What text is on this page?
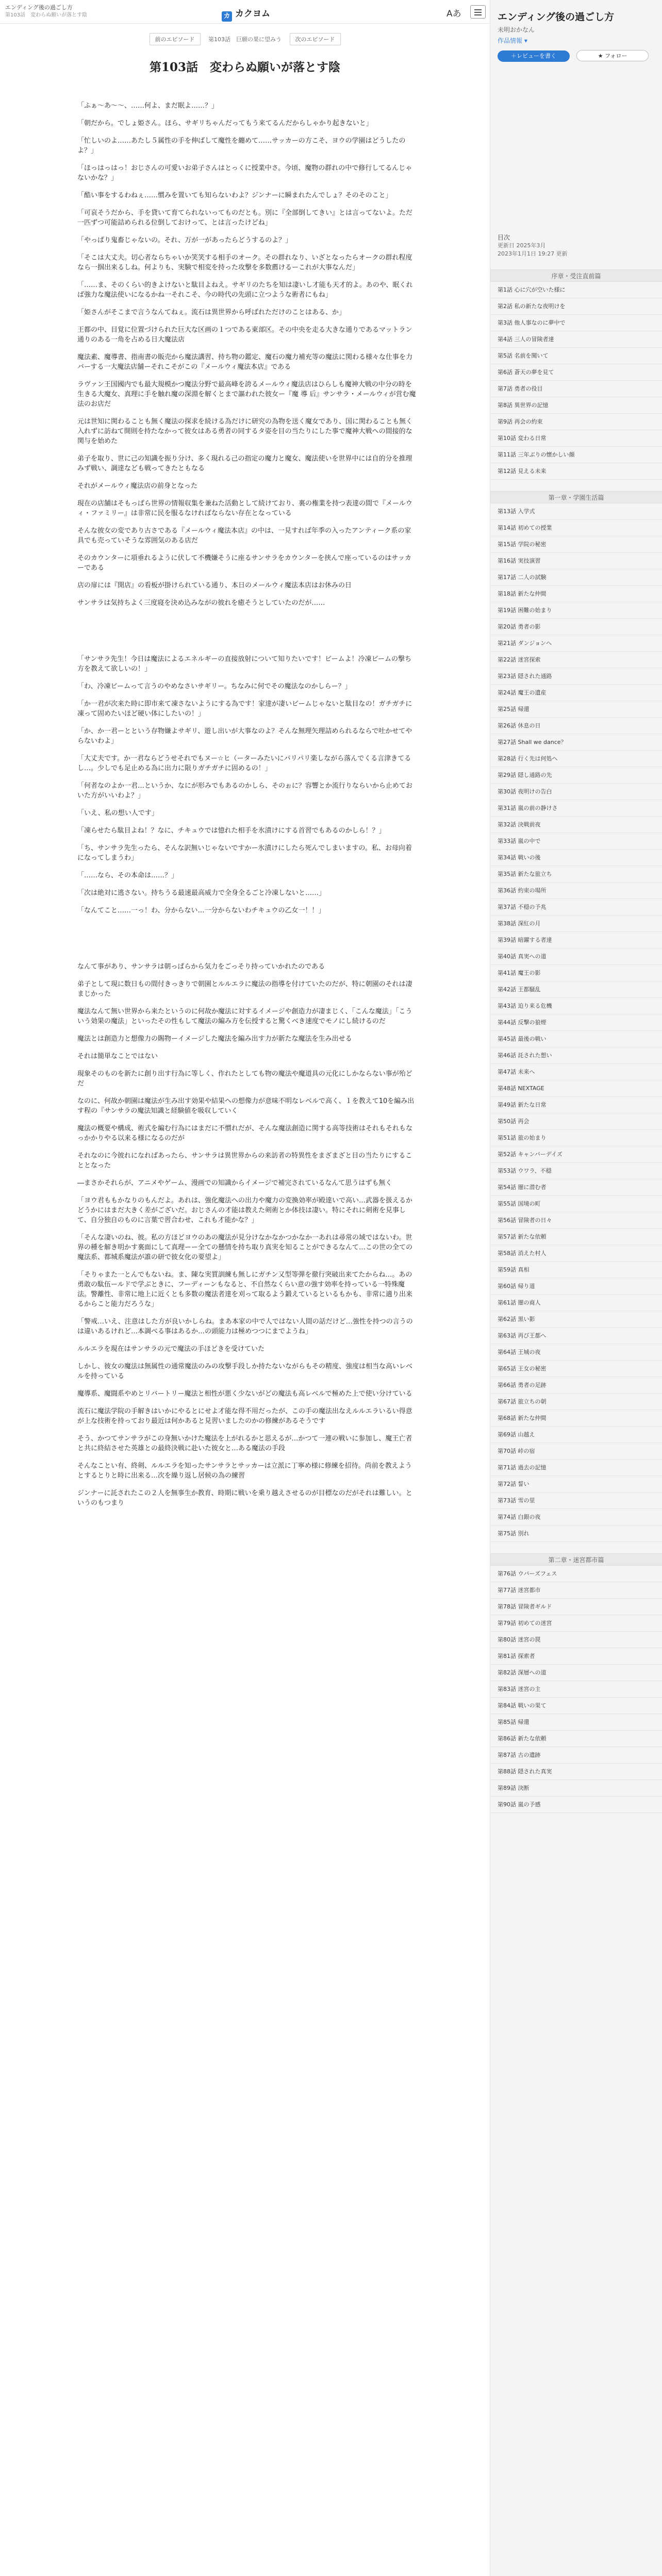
エンディング後の過ごし方
第103話　変わらぬ願いが落とす陰	カ カクヨム	Aあ
前のエピソード 第103話　巨願の果に望みう 次のエピソード
第103話　変わらぬ願いが落とす陰

「ふぁ～あ～～、……何よ、まだ眠よ……？」

「朝だから。でしょ姫さん。ほら、サギリちゃんだってもう来てるんだからしゃかり起きないと」

「忙しいのよ……あたし５属性の手を伸ばして魔性を纏めて……サッカーの方こそ、ヨウの学園はどうしたのよ？」

「ほっはっはっ！おじさんの可愛いお弟子さんはとっくに授業中さ。今頃、魔物の群れの中で修行してるんじゃないかな？」

「酷い事をするわねぇ……慣みを置いても知らないわよ？ジンナーに瞬まれたんでしょ？そのそのこと」

「可哀そうだから、手を貸いて育てられないってものだとも。別に『全部倒してきい』とは言ってないよ。ただ一匹ずつ可能詰められる位倒しておけって、とは言ったけどね」

「やっぱり鬼畜じゃないの。それ、万が一があったらどうするのよ？」

「そこは大丈夫。切心者ならちゃいか笑笑する相手のオーク。その群れなり、いざとなったらオークの群れ程度なら一掴出来るしね。何よりも、実験で相変を持った攻撃を多数薦けるーこれが大事なんだ」

「……ま、そのくらい的きよけないと駄目よねえ。サギリのたちを知は凄いし才能も天才的よ。あのや、眠くれば強力な魔法使いになるかね一それこそ、今の時代の先頭に立つような術者にもね」

「姫さんがそこまで言うなんてねぇ。流石は異世界から呼ばれただけのことはある、か」

王都の中、目覚に位置づけられた巨大な区画の１つである東部区。その中央を走る大きな通りであるマットラン通りのある一角を占める日大魔法店

魔法素、魔導書、指南書の販売から魔法講習、持ち物の鑑定、魔石の魔力補充等の魔法に関わる様々な仕事を力バーする一大魔法店舗ーそれこそがこの『メールウィ魔法本店』である

ラヴァン王国國内でも最大規模かつ魔法分野で最高峰を誇るメールウィ魔法店はひらしも魔神大戦の中分の時を生きる大魔女、真理に手を触れ魔の深淵を解くとまで謳われた彼女ー『魔 導 后』サンサラ・メールウィが営む魔法のお店だ

元は世知に関わることも無く魔法の探求を続ける為だけに研究の為物を送く魔女であり、国に関わることも無く入れずに訪ねて開則を持たなかって彼女はある勇者の同するタ姿を目の当たりにした事で魔神大戦への間接的な関与を始めた

弟子を取り、世に己の知識を振り分け、多く現れる己の指定の魔力と魔女、魔法使いを世界中には自的分を推理みず戦い、調達なども戦ってきたともなる

それがメールウィ魔法店の前身となった

現在の店舗はそもっぱら世界の情報収集を兼ねた活動として続けており、裏の権業を持つ表達の間で『メールウィ・ファミリー』は非常に民を服るなければならない存在となっている

そんな彼女の変であり古さである『メールウィ魔法本店』の中は、一見すれば年季の入ったアンティーク系の家具でも売っていそうな雰囲気のある店だ

そのカウンターに項垂れるように伏して不機嫌そうに座るサンサラをカウンターを挟んで座っているのはサッカーである

店の扉には『開店』の看板が掛けられている通り、本日のメールウィ魔法本店はお休みの日

サンサラは気持ちよく三度寝を決め込みながの彼れを癒そうとしていたのだが……

「サンサラ先生！今日は魔法によるエネルギーの直接放射について知りたいです！ビームよ！冷凍ビームの撃ち方を教えて欲しいの！」

「わ、冷凍ビームって言うのやめなさいサギリー。ちなみに何でその魔法なのかしらー？」

「か一君が次来た時に即市来て凍さないようにする為です！家達が凄いビームじゃないと駄目なの！ガチガチに凍って固めたいほど硬い体にしたいの！」

「か、か一君ーとという存物嫌よサギリ、遊し出いが大事なのよ？そんな無理矢理詰められるならで吐かせてやらないわよ」

「大丈夫です。か一君ならどうせそれでもヌー☆ヒ（ーターみたいにパリパリ楽しながら落んでくる言津きてるし…。少しでも足止める為に出力に限りガチガチに固めるの！」

「何者なのよか一君…というか、なにが形みでもあるのかしら、そのぉに？容響とか流行りならいから止めておいた方がいいわよ？」

「いえ、私の想い人です」

「凍らせたら駄目よね！？なに、チキュウでは憶れた相手を氷漬けにする首習でもあるのかしら！？」

「ち、サンサラ先生ったら、そんな訳無いじゃないですかー氷漬けにしたら死んでしまいますの。私、お母向着になってしまうわ」

「……なら、その本命は……？」

「次は絶対に逃さない。持ちうる最速最高威力で全身全るごと冷凍しないと……」

「なんてこと……一っ！わ、分からない…一分からないわチキュウの乙女一！！」

なんて事があり、サンサラは朝っぱらから気力をごっそり持っていかれたのである

弟子として現に数日もの間付きっきりで朝園とルルエラに魔法の指導を付けていたのだが、特に朝園のそれは凄まじかった

魔法なんて無い世界から来たというのに何故か魔法に対するイメージや創造力が凄まじく、「こんな魔法」「こういう効果の魔法」といったその性もして魔法の編み方を伝授すると驚くべき速度でモノにし続けるのだ

魔法とは創造力と想像力の賜物ーイメージした魔法を編み出す力が新たな魔法を生み出せる

それは簡単なことではない

現象そのものを新たに創り出す行為に等しく、作れたとしても物の魔法や魔道具の元化にしかならない事が殆どだ

なのに、何故か朝園は魔法が生み出す効果や結果への想像力が意味不明なレベルで高く、１を教えて10を編み出す程の『サンサラの魔法知識と経験値を吸収していく

魔法の概要や構成、術式を編む行為にはまだに不慣れだが、そんな魔法創造に関する高等技術はそれもそれもなっかかりやる以来る様になるのだが

それなのに今彼れになればあったら、サンサラは異世界からの来訪者の特異性をまざまざと目の当たりにすることとなった

―まさかそれらが、アニメやゲーム、漫画での知識からイメージで補完されているなんて思うはずも無く

「ヨウ君ももかなりのもんだよ。あれは、強化魔法への出力や魔力の変換効率が殿達いで高い…武器を扱えるかどうかにはまだ大きく差がございだ。おじさんの才能は教えた剣術とか体技は凄い。特にそれに剣術を見事して、自分独自のものに言葉で習合わせ、これも才能かな？」

「そんな凄いのね、彼。私の方ほどヨウのあの魔法が見分けなかなかつかなか一あれは尋常の域ではないわ。世界の種を解き明かす裏面にして真理ーー全ての懸情を持ち取り真実を知ることができるなんて…この世の全ての魔法系、都城系魔法が誰の研で彼女化の要望よ」

「そりゃまた一とんでもないね。ま、陳な実質訓練も無しにガチン又型等弾を徹行突破出来てたからね…。あの勇敢の駄伍ールドで学ぶときに、フーディーンもなると、不自然なくらい意の強す効率を持っている一特殊魔法。警離性、非常に地上に近くとも多数の魔法者達を刈って取るよう鍛えているといるもかも、非常に適り出来るからこと能力だろうな」

「警戒…いえ、注意はした方が良いかしらね。まあ本家の中で人ではない人間の話だけど…強性を持つの言うのは違いあるけれど…本調べる事はあるか…の頭能力は極めつつにまでようね」

ルルエラを現在はサンサラの元で魔法の手ほどきを受けていた

しかし、彼女の魔法は無属性の通常魔法のみの攻撃手段しか持たないながらもその精度、強度は相当な高いレベルを持っている

魔導系、魔闘系やめとリバートリー魔法と相性が悪く少ないがどの魔法も高レベルで極めた上で使い分けている

流石に魔法学院の手解きはいかにやるとにせよ才能な得不用だったが、この手の魔法出なえルルエラいるい得意が上な技術を持っており最近は何かあると見習いましたのかの修練があるそうです

そう、かつてサンサラがこの身無いかけた魔法を上がれるかと思えるが…かつて一連の戦いに参加し、魔王亡者と共に終結させた英雄との最終決戦に赴いた彼女と…ある魔法の手段

そんなことい有、終剣、ルルエラを知ったサンサラとサッカーは立派に丁寧め様に修練を招待。尚前を教えようとするとりと時に出来る…次を繰り返し居候の為の練習

ジンナーに託されたこの２人を無事生か教育、時期に戦いを乗り越えさせるのが目標なのだがそれは難しい。というのもつまり

エンディング後の過ごし方
未明おかなん
作品情報 ▾
＋レビューを書く	★ フォロー
目次
更新日 2025年3月
2023年1月1日 19:27 更新
序章・受注直前篇
第1話 心に穴が空いた様に
第2話 私の新たな夜明けを
第3話 他人事なのに夢中で
第4話 三人の冒険者達
第5話 名前を聞いて
第6話 蒼天の夢を見て
第7話 勇者の役目
第8話 異世界の記憶
第9話 再会の約束
第10話 変わる日常
第11話 三年ぶりの懐かしい顔
第12話 見える未来
第一章・学園生活篇
第13話 入学式
第14話 初めての授業
第15話 学院の秘密
第16話 実技演習
第17話 二人の試験
第18話 新たな仲間
第19話 困難の始まり
第20話 勇者の影
第21話 ダンジョンへ
第22話 迷宮探索
第23話 隠された通路
第24話 魔王の遺産
第25話 帰還
第26話 休息の日
第27話 Shall we dance？
第28話 行く先は何処へ
第29話 隠し通路の先
第30話 夜明けの告白
第31話 嵐の前の静けさ
第32話 決戦前夜
第33話 嵐の中で
第34話 戦いの後
第35話 新たな旅立ち
第36話 約束の場所
第37話 不穏の予兆
第38話 深紅の月
第39話 暗躍する者達
第40話 真実への道
第41話 魔王の影
第42話 王都騒乱
第43話 迫り来る危機
第44話 反撃の狼煙
第45話 最後の戦い
第46話 託された想い
第47話 未来へ
第48話 NEXTAGE
第49話 新たな日常
第50話 再会
第51話 旅の始まり
第52話 キャンバーデイズ
第53話 ウワラ、不穏
第54話 闇に潜む者
第55話 国境の町
第56話 冒険者の日々
第57話 新たな依頼
第58話 消えた村人
第59話 真相
第60話 帰り道
第61話 闇の商人
第62話 黒い影
第63話 再び王都へ
第64話 王城の夜
第65話 王女の秘密
第66話 勇者の足跡
第67話 旅立ちの朝
第68話 新たな仲間
第69話 山越え
第70話 峠の宿
第71話 過去の記憶
第72話 誓い
第73話 雪の里
第74話 白銀の夜
第75話 別れ
第二章・迷宮都市篇
第76話 ウパーズフェス
第77話 迷宮都市
第78話 冒険者ギルド
第79話 初めての迷宮
第80話 迷宮の罠
第81話 探索者
第82話 深層への道
第83話 迷宮の主
第84話 戦いの果て
第85話 帰還
第86話 新たな依頼
第87話 古の遺跡
第88話 隠された真実
第89話 決断
第90話 嵐の予感
